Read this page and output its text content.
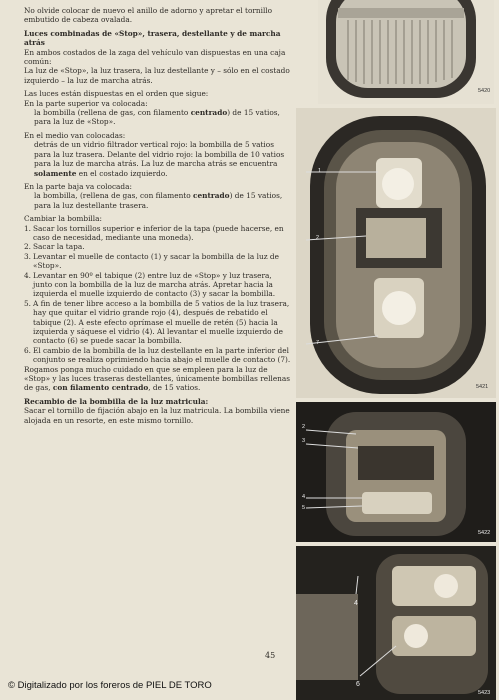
No olvide colocar de nuevo el anillo de adorno y apretar el tornillo embutido de cabeza ovalada.

Luces combinadas de «Stop», trasera, destellante y de marcha atrás

En ambos costados de la zaga del vehículo van dispuestas en una caja común:

La luz de «Stop», la luz trasera, la luz destellante y – sólo en el costado izquierdo – la luz de marcha atrás.

Las luces están dispuestas en el orden que sigue:

En la parte superior va colocada:

la bombilla (rellena de gas, con filamento centrado) de 15 vatios, para la luz de «Stop».

En el medio van colocadas:

detrás de un vidrio filtrador vertical rojo: la bombilla de 5 vatios para la luz trasera. Delante del vidrio rojo: la bombilla de 10 vatios para la luz de marcha atrás. La luz de marcha atrás se encuentra solamente en el costado izquierdo.

En la parte baja va colocada:

la bombilla, (rellena de gas, con filamento centrado) de 15 vatios, para la luz destellante trasera.

Cambiar la bombilla:

1. Sacar los tornillos superior e inferior de la tapa (puede hacerse, en caso de necesidad, mediante una moneda).
2. Sacar la tapa.
3. Levantar el muelle de contacto (1) y sacar la bombilla de la luz de «Stop».
4. Levantar en 90º el tabique (2) entre luz de «Stop» y luz trasera, junto con la bombilla de la luz de marcha atrás. Apretar hacia la izquierda el muelle izquierdo de contacto (3) y sacar la bombilla.
5. A fin de tener libre acceso a la bombilla de 5 vatios de la luz trasera, hay que quitar el vidrio grande rojo (4), después de rebatido el tabique (2). A este efecto oprímase el muelle de retén (5) hacia la izquierda y sáquese el vidrio (4). Al levantar el muelle izquierdo de contacto (6) se puede sacar la bombilla.
6. El cambio de la bombilla de la luz destellante en la parte inferior del conjunto se realiza oprimiendo hacia abajo el muelle de contacto (7).

Rogamos ponga mucho cuidado en que se empleen para la luz de «Stop» y las luces traseras destellantes, únicamente bombillas rellenas de gas, con filamento centrado, de 15 vatios.

Recambio de la bombilla de la luz matricula:

Sacar el tornillo de fijación abajo en la luz matricula. La bombilla viene alojada en un resorte, en este mismo tornillo.

45
© Digitalizado por los foreros de PIEL DE TORO
5420
1
2
7
5421
2
3
4
5
5422
4
6
5423
